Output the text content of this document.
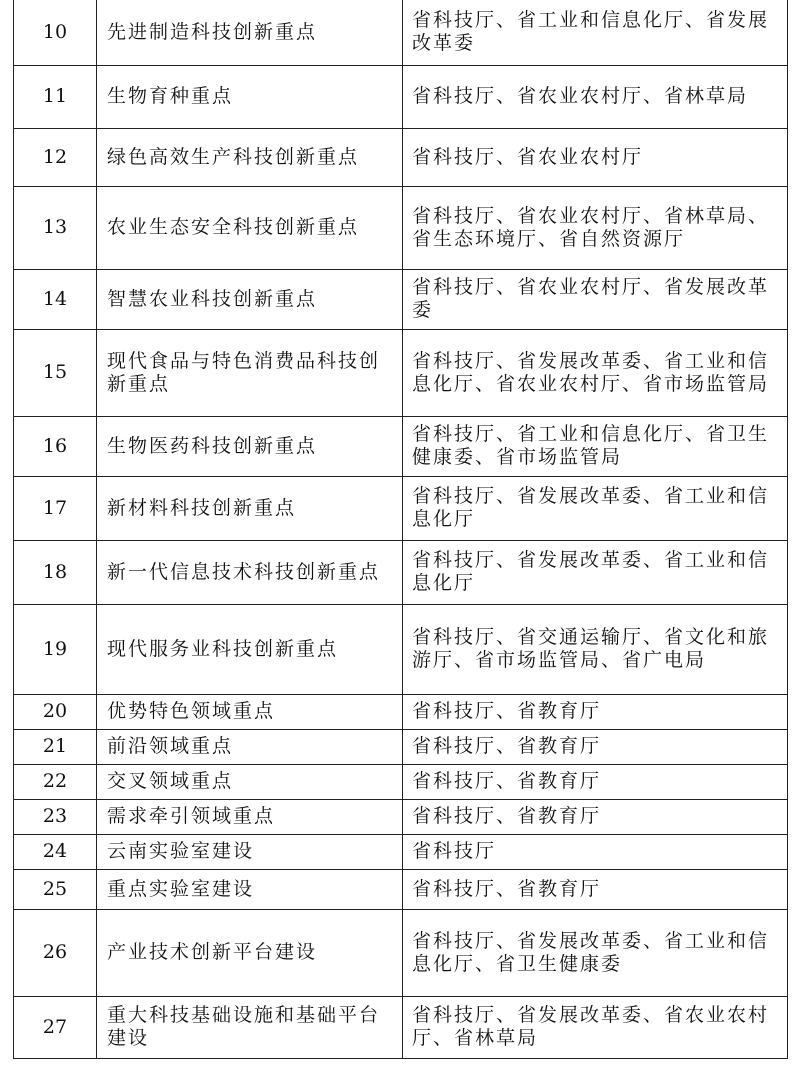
10	先进制造科技创新重点	省科技厅、省工业和信息化厅、省发展改革委
11	生物育种重点	省科技厅、省农业农村厅、省林草局
12	绿色高效生产科技创新重点	省科技厅、省农业农村厅
13	农业生态安全科技创新重点	省科技厅、省农业农村厅、省林草局、省生态环境厅、省自然资源厅
14	智慧农业科技创新重点	省科技厅、省农业农村厅、省发展改革委
15	现代食品与特色消费品科技创新重点	省科技厅、省发展改革委、省工业和信息化厅、省农业农村厅、省市场监管局
16	生物医药科技创新重点	省科技厅、省工业和信息化厅、省卫生健康委、省市场监管局
17	新材料科技创新重点	省科技厅、省发展改革委、省工业和信息化厅
18	新一代信息技术科技创新重点	省科技厅、省发展改革委、省工业和信息化厅
19	现代服务业科技创新重点	省科技厅、省交通运输厅、省文化和旅游厅、省市场监管局、省广电局
20	优势特色领域重点	省科技厅、省教育厅
21	前沿领域重点	省科技厅、省教育厅
22	交叉领域重点	省科技厅、省教育厅
23	需求牵引领域重点	省科技厅、省教育厅
24	云南实验室建设	省科技厅
25	重点实验室建设	省科技厅、省教育厅
26	产业技术创新平台建设	省科技厅、省发展改革委、省工业和信息化厅、省卫生健康委
27	重大科技基础设施和基础平台建设	省科技厅、省发展改革委、省农业农村厅、省林草局
